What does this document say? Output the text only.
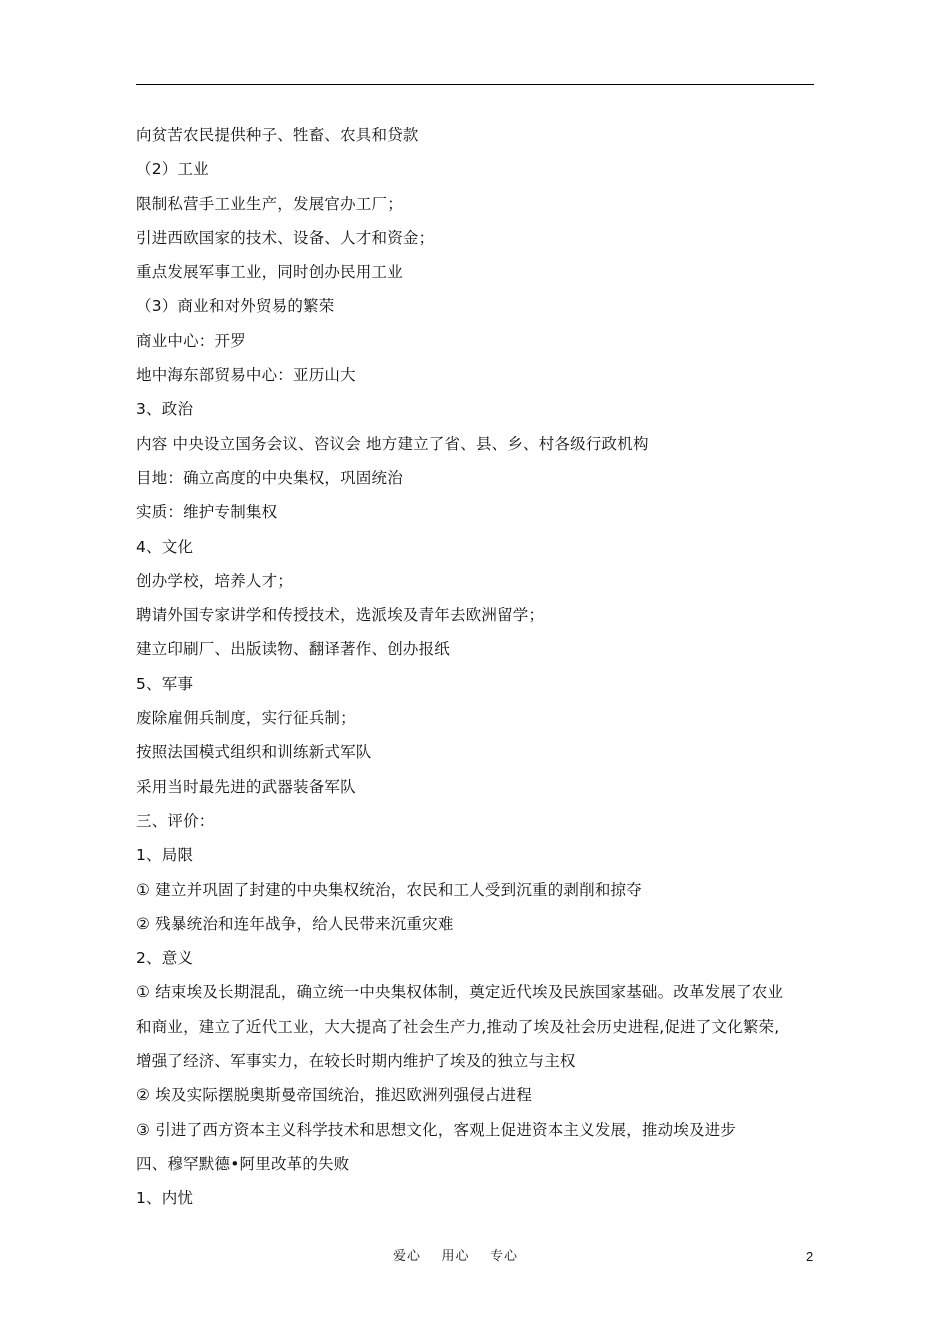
向贫苦农民提供种子、牲畜、农具和贷款
（2）工业
限制私营手工业生产，发展官办工厂；
引进西欧国家的技术、设备、人才和资金；
重点发展军事工业，同时创办民用工业
（3）商业和对外贸易的繁荣
商业中心：开罗
地中海东部贸易中心：亚历山大
3、政治
内容 中央设立国务会议、咨议会 地方建立了省、县、乡、村各级行政机构
目地：确立高度的中央集权，巩固统治
实质：维护专制集权
4、文化
创办学校，培养人才；
聘请外国专家讲学和传授技术，选派埃及青年去欧洲留学；
建立印刷厂、出版读物、翻译著作、创办报纸
5、军事
废除雇佣兵制度，实行征兵制；
按照法国模式组织和训练新式军队
采用当时最先进的武器装备军队
三、评价：
1、局限
① 建立并巩固了封建的中央集权统治，农民和工人受到沉重的剥削和掠夺
② 残暴统治和连年战争，给人民带来沉重灾难
2、意义
① 结束埃及长期混乱，确立统一中央集权体制，奠定近代埃及民族国家基础。改革发展了农业
和商业，建立了近代工业，大大提高了社会生产力,推动了埃及社会历史进程,促进了文化繁荣,
增强了经济、军事实力，在较长时期内维护了埃及的独立与主权
② 埃及实际摆脱奥斯曼帝国统治，推迟欧洲列强侵占进程
③ 引进了西方资本主义科学技术和思想文化，客观上促进资本主义发展，推动埃及进步
四、穆罕默德•阿里改革的失败
1、内忧
爱心    用心    专心	2
